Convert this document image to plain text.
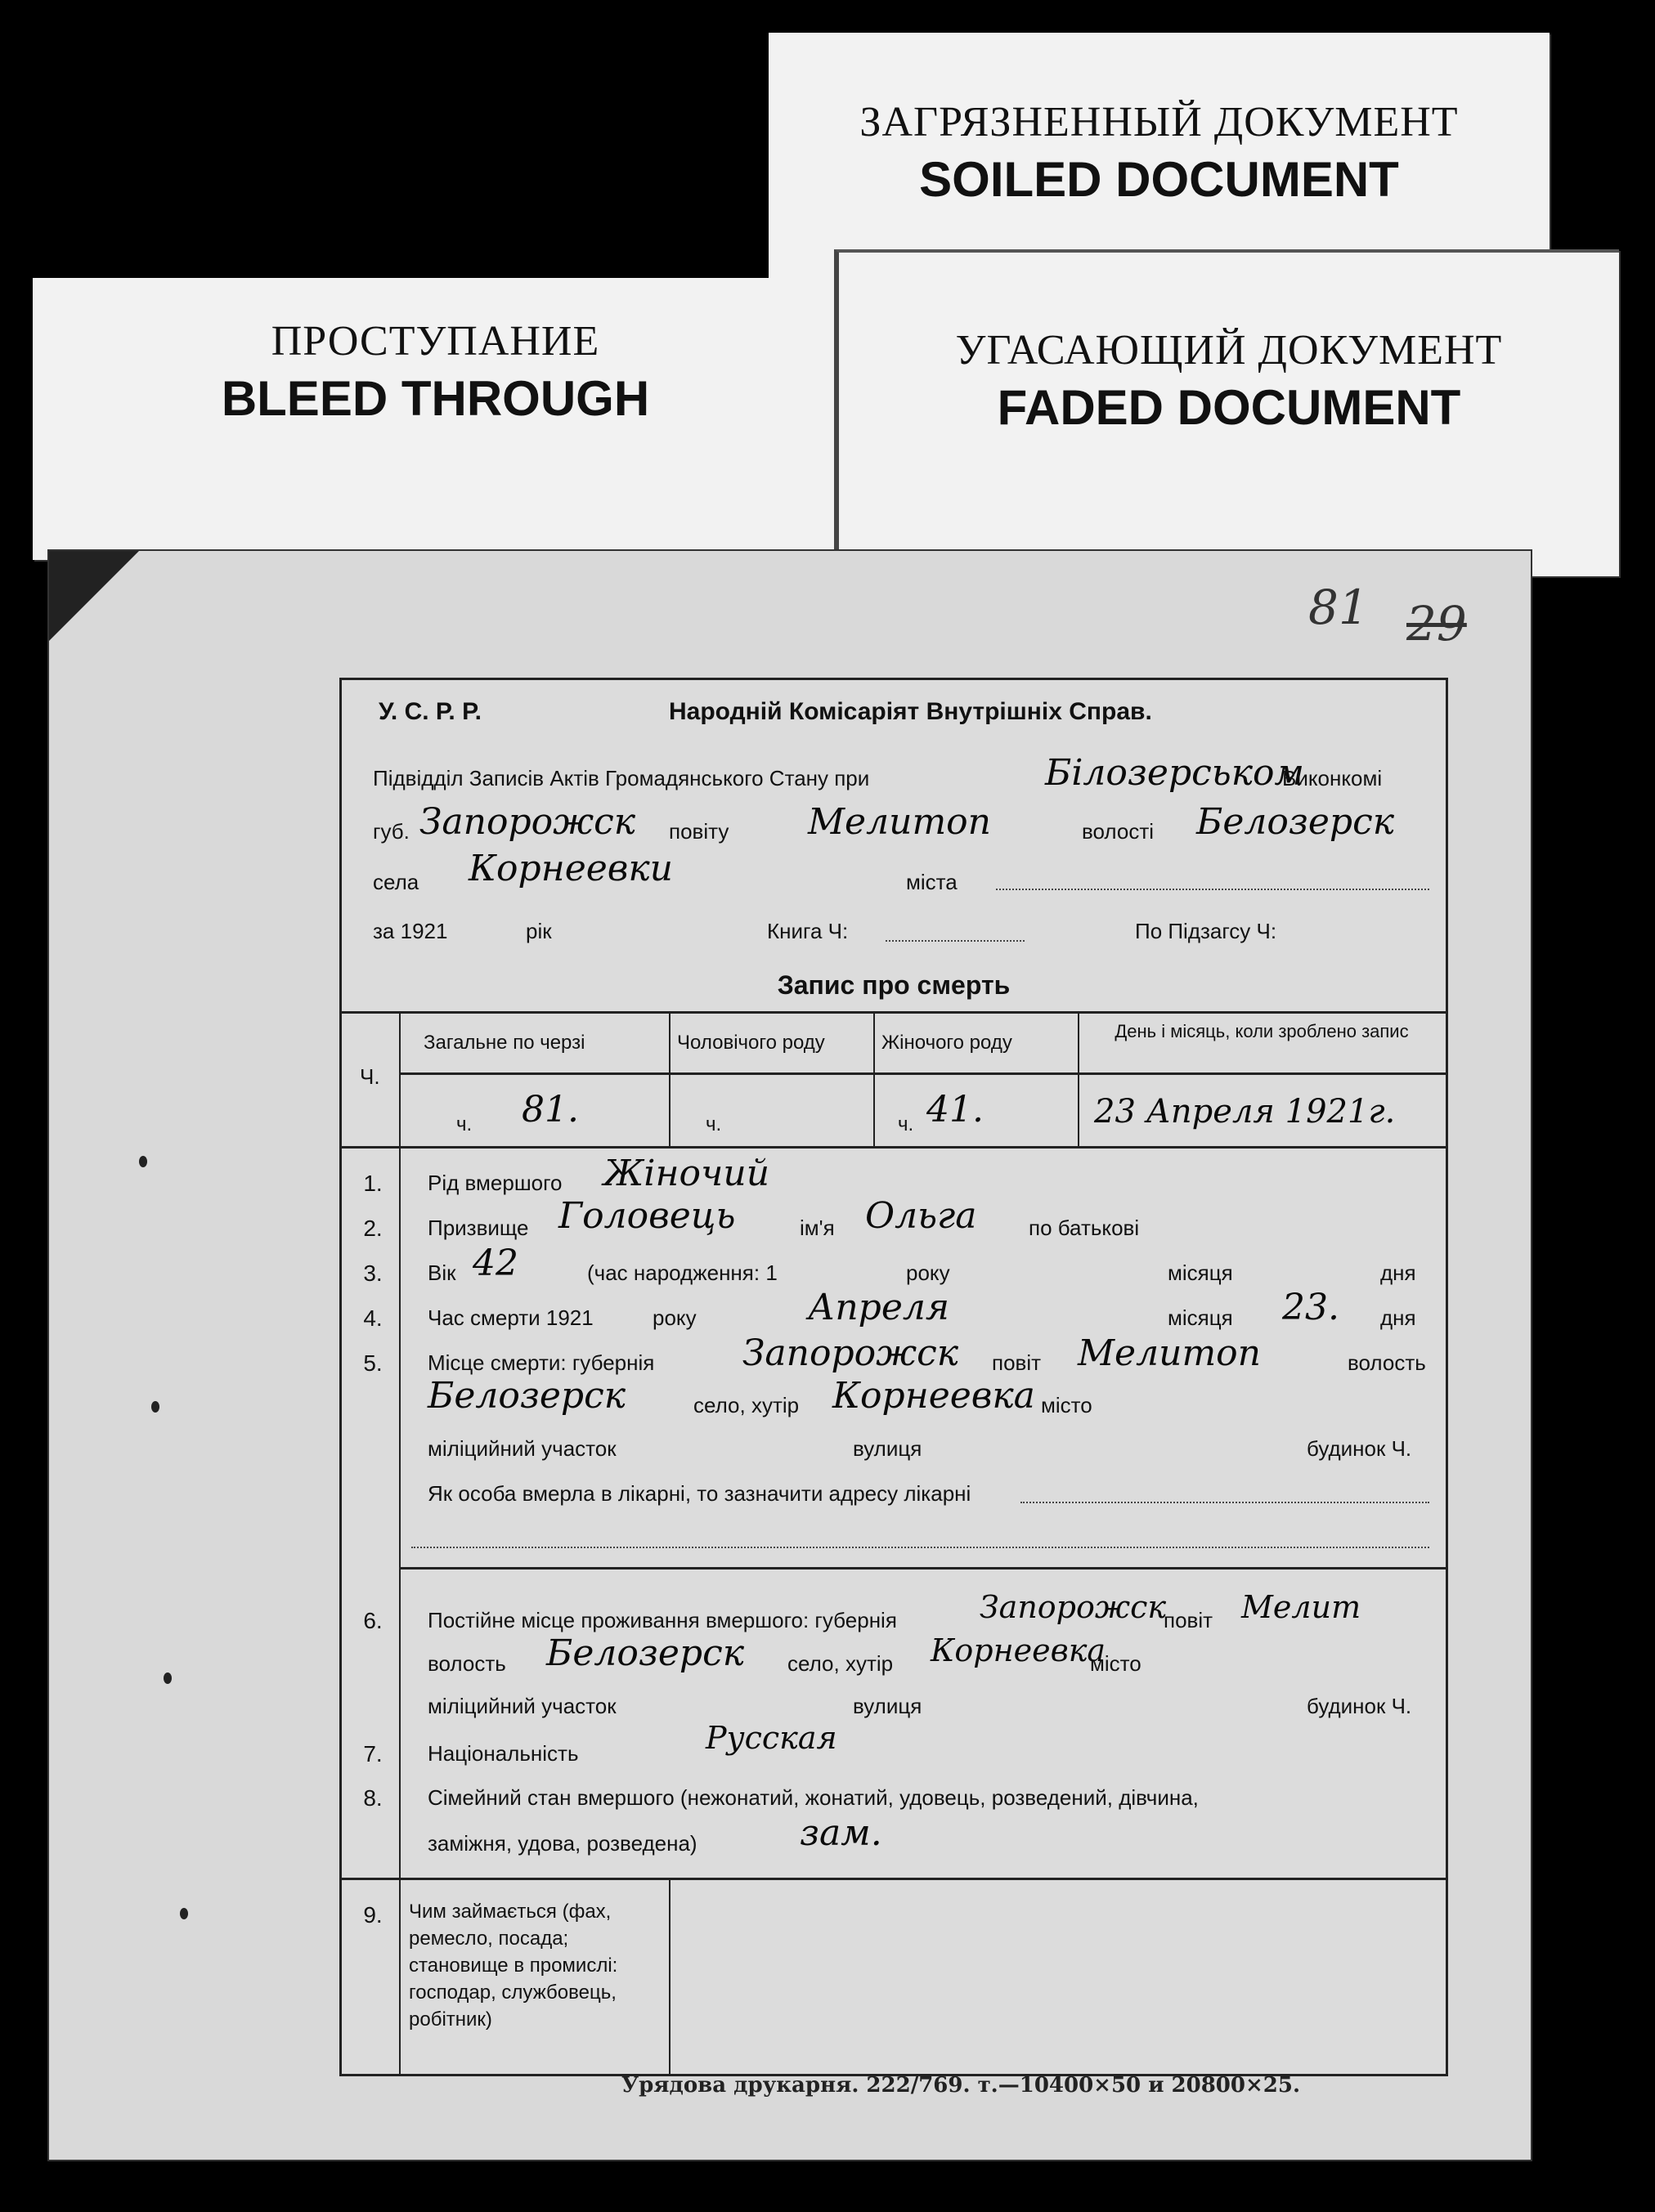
ЗАГРЯЗНЕННЫЙ ДОКУМЕНТ
SOILED DOCUMENT
ПРОСТУПАНИЕ
BLEED THROUGH
УГАСАЮЩИЙ ДОКУМЕНТ
FADED DOCUMENT
81 29
У. С. Р. Р.	Народній Комісаріят Внутрішніх Справ.
Підвідділ Записів Актів Громадянського Стану при	Бiлозерськом
Виконкомі
губ. Запорожск повіту Мелитоп	волості Белозерск
села Корнеевки	міста
за 1921	рік	Книга Ч:	По Підзагсу Ч:
Запис про смерть
Ч.
Загальне по черзі	Чоловічого роду	Жіночого роду
День і місяць, коли зроблено запис
ч. 81.	ч.	ч. 41.	23 Апреля 1921г.
1.	Рід вмершого Жiночий
2.	Призвище Головець	ім'я Ольга по батькові
3.	Вік 42	(час народження: 1	року	місяця	дня
4.	Час смерти 1921	року	Апреля	місяця 23. дня
5.	Місце смерти: губернія Запорожск повіт Мелитоп	волость
Белозерск	село, хутір Корнеевка місто
міліцийний участок	вулиця	будинок Ч.
Як особа вмерла в лікарні, то зазначити адресу лікарні
6.	Постійне місце проживання вмершого: губернія	Запорожск
повіт Мелит
волость Белозерск село, хутір Корнеевка
місто
міліцийний участок	вулиця	будинок Ч.
7.	Національність	Русская
8.	Сімейний стан вмершого (нежонатий, жонатий, удовець, розведений, дівчина,
заміжня, удова, розведена)	зам.
9.	Чим займається (фах, ремесло, посада; становище в промислі: господар, службовець, робітник)
Урядова друкарня. 222/769. т.—10400×50 и 20800×25.
